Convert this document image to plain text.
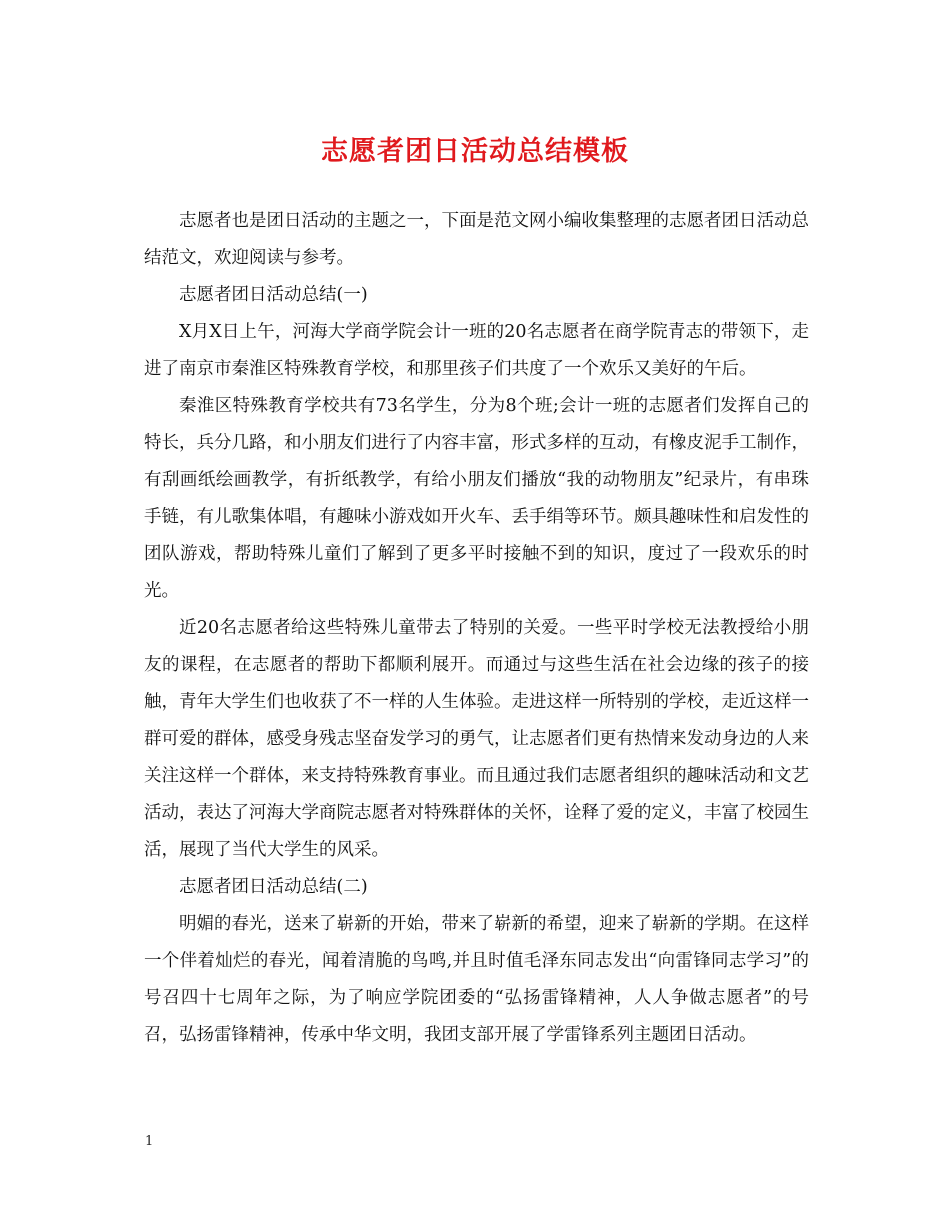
志愿者团日活动总结模板

志愿者也是团日活动的主题之一，下面是范文网小编收集整理的志愿者团日活动总结范文，欢迎阅读与参考。

志愿者团日活动总结(一)

X月X日上午，河海大学商学院会计一班的20名志愿者在商学院青志的带领下，走进了南京市秦淮区特殊教育学校，和那里孩子们共度了一个欢乐又美好的午后。

秦淮区特殊教育学校共有73名学生，分为8个班;会计一班的志愿者们发挥自己的特长，兵分几路，和小朋友们进行了内容丰富，形式多样的互动，有橡皮泥手工制作，有刮画纸绘画教学，有折纸教学，有给小朋友们播放“我的动物朋友”纪录片，有串珠手链，有儿歌集体唱，有趣味小游戏如开火车、丢手绢等环节。颇具趣味性和启发性的团队游戏，帮助特殊儿童们了解到了更多平时接触不到的知识，度过了一段欢乐的时光。

近20名志愿者给这些特殊儿童带去了特别的关爱。一些平时学校无法教授给小朋友的课程，在志愿者的帮助下都顺利展开。而通过与这些生活在社会边缘的孩子的接触，青年大学生们也收获了不一样的人生体验。走进这样一所特别的学校，走近这样一群可爱的群体，感受身残志坚奋发学习的勇气，让志愿者们更有热情来发动身边的人来关注这样一个群体，来支持特殊教育事业。而且通过我们志愿者组织的趣味活动和文艺活动，表达了河海大学商院志愿者对特殊群体的关怀，诠释了爱的定义，丰富了校园生活，展现了当代大学生的风采。

志愿者团日活动总结(二)

明媚的春光，送来了崭新的开始，带来了崭新的希望，迎来了崭新的学期。在这样一个伴着灿烂的春光，闻着清脆的鸟鸣,并且时值毛泽东同志发出“向雷锋同志学习”的号召四十七周年之际，为了响应学院团委的“弘扬雷锋精神，人人争做志愿者”的号召，弘扬雷锋精神，传承中华文明，我团支部开展了学雷锋系列主题团日活动。

1
